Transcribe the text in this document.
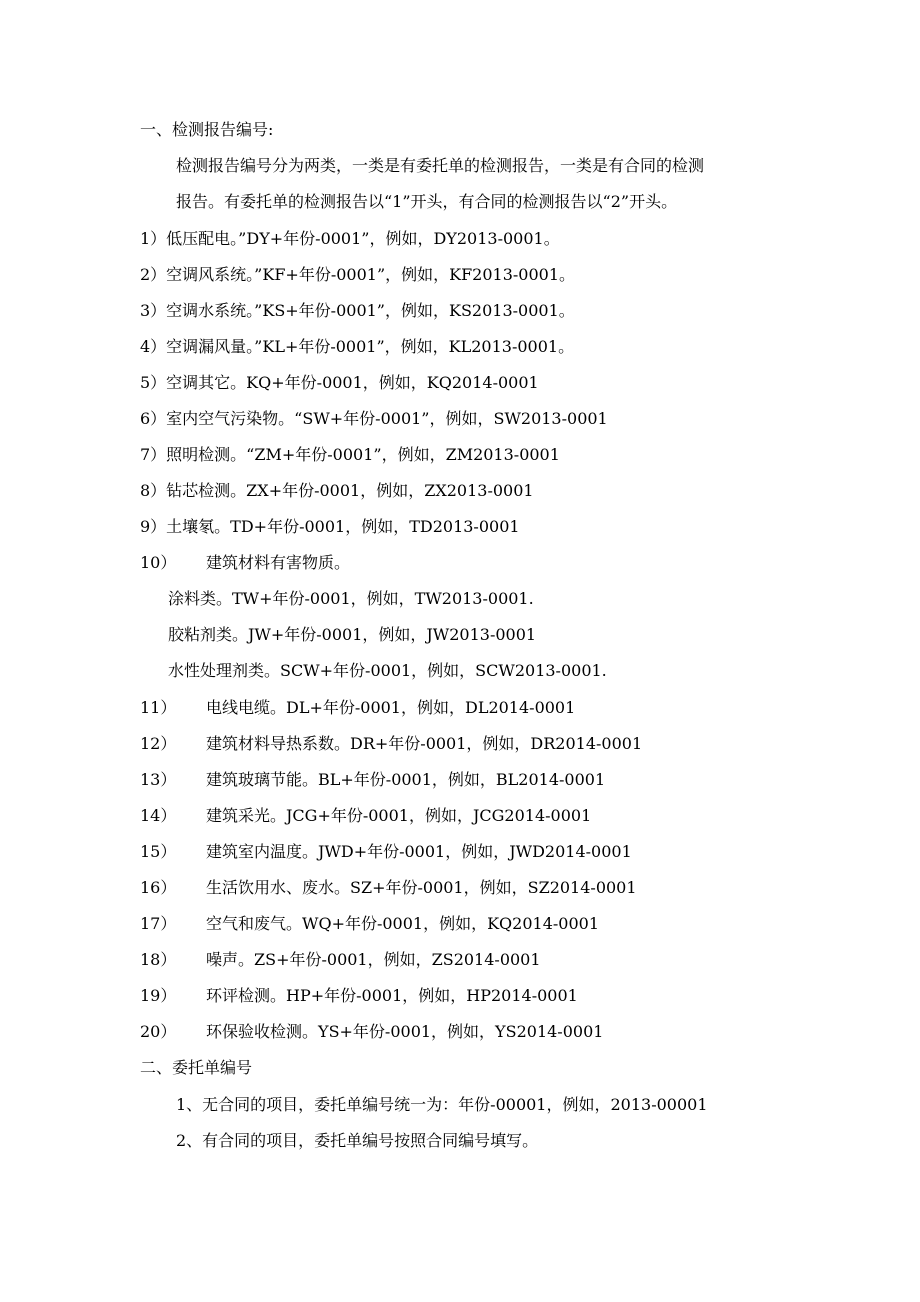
一、检测报告编号:
检测报告编号分为两类，一类是有委托单的检测报告，一类是有合同的检测
报告。有委托单的检测报告以“1”开头，有合同的检测报告以“2”开头。
1）低压配电。”DY+年份-0001”，例如，DY2013-0001。
2）空调风系统。”KF+年份-0001”，例如，KF2013-0001。
3）空调水系统。”KS+年份-0001”，例如，KS2013-0001。
4）空调漏风量。”KL+年份-0001”，例如，KL2013-0001。
5）空调其它。KQ+年份-0001，例如，KQ2014-0001
6）室内空气污染物。“SW+年份-0001”，例如，SW2013-0001
7）照明检测。“ZM+年份-0001”，例如，ZM2013-0001
8）钻芯检测。ZX+年份-0001，例如，ZX2013-0001
9）土壤氡。TD+年份-0001，例如，TD2013-0001
10） 建筑材料有害物质。
涂料类。TW+年份-0001，例如，TW2013-0001.
胶粘剂类。JW+年份-0001，例如，JW2013-0001
水性处理剂类。SCW+年份-0001，例如，SCW2013-0001.
11） 电线电缆。DL+年份-0001，例如，DL2014-0001
12） 建筑材料导热系数。DR+年份-0001，例如，DR2014-0001
13） 建筑玻璃节能。BL+年份-0001，例如，BL2014-0001
14） 建筑采光。JCG+年份-0001，例如，JCG2014-0001
15） 建筑室内温度。JWD+年份-0001，例如，JWD2014-0001
16） 生活饮用水、废水。SZ+年份-0001，例如，SZ2014-0001
17） 空气和废气。WQ+年份-0001，例如，KQ2014-0001
18） 噪声。ZS+年份-0001，例如，ZS2014-0001
19） 环评检测。HP+年份-0001，例如，HP2014-0001
20） 环保验收检测。YS+年份-0001，例如，YS2014-0001
二、委托单编号
1、无合同的项目，委托单编号统一为：年份-00001，例如，2013-00001
2、有合同的项目，委托单编号按照合同编号填写。
